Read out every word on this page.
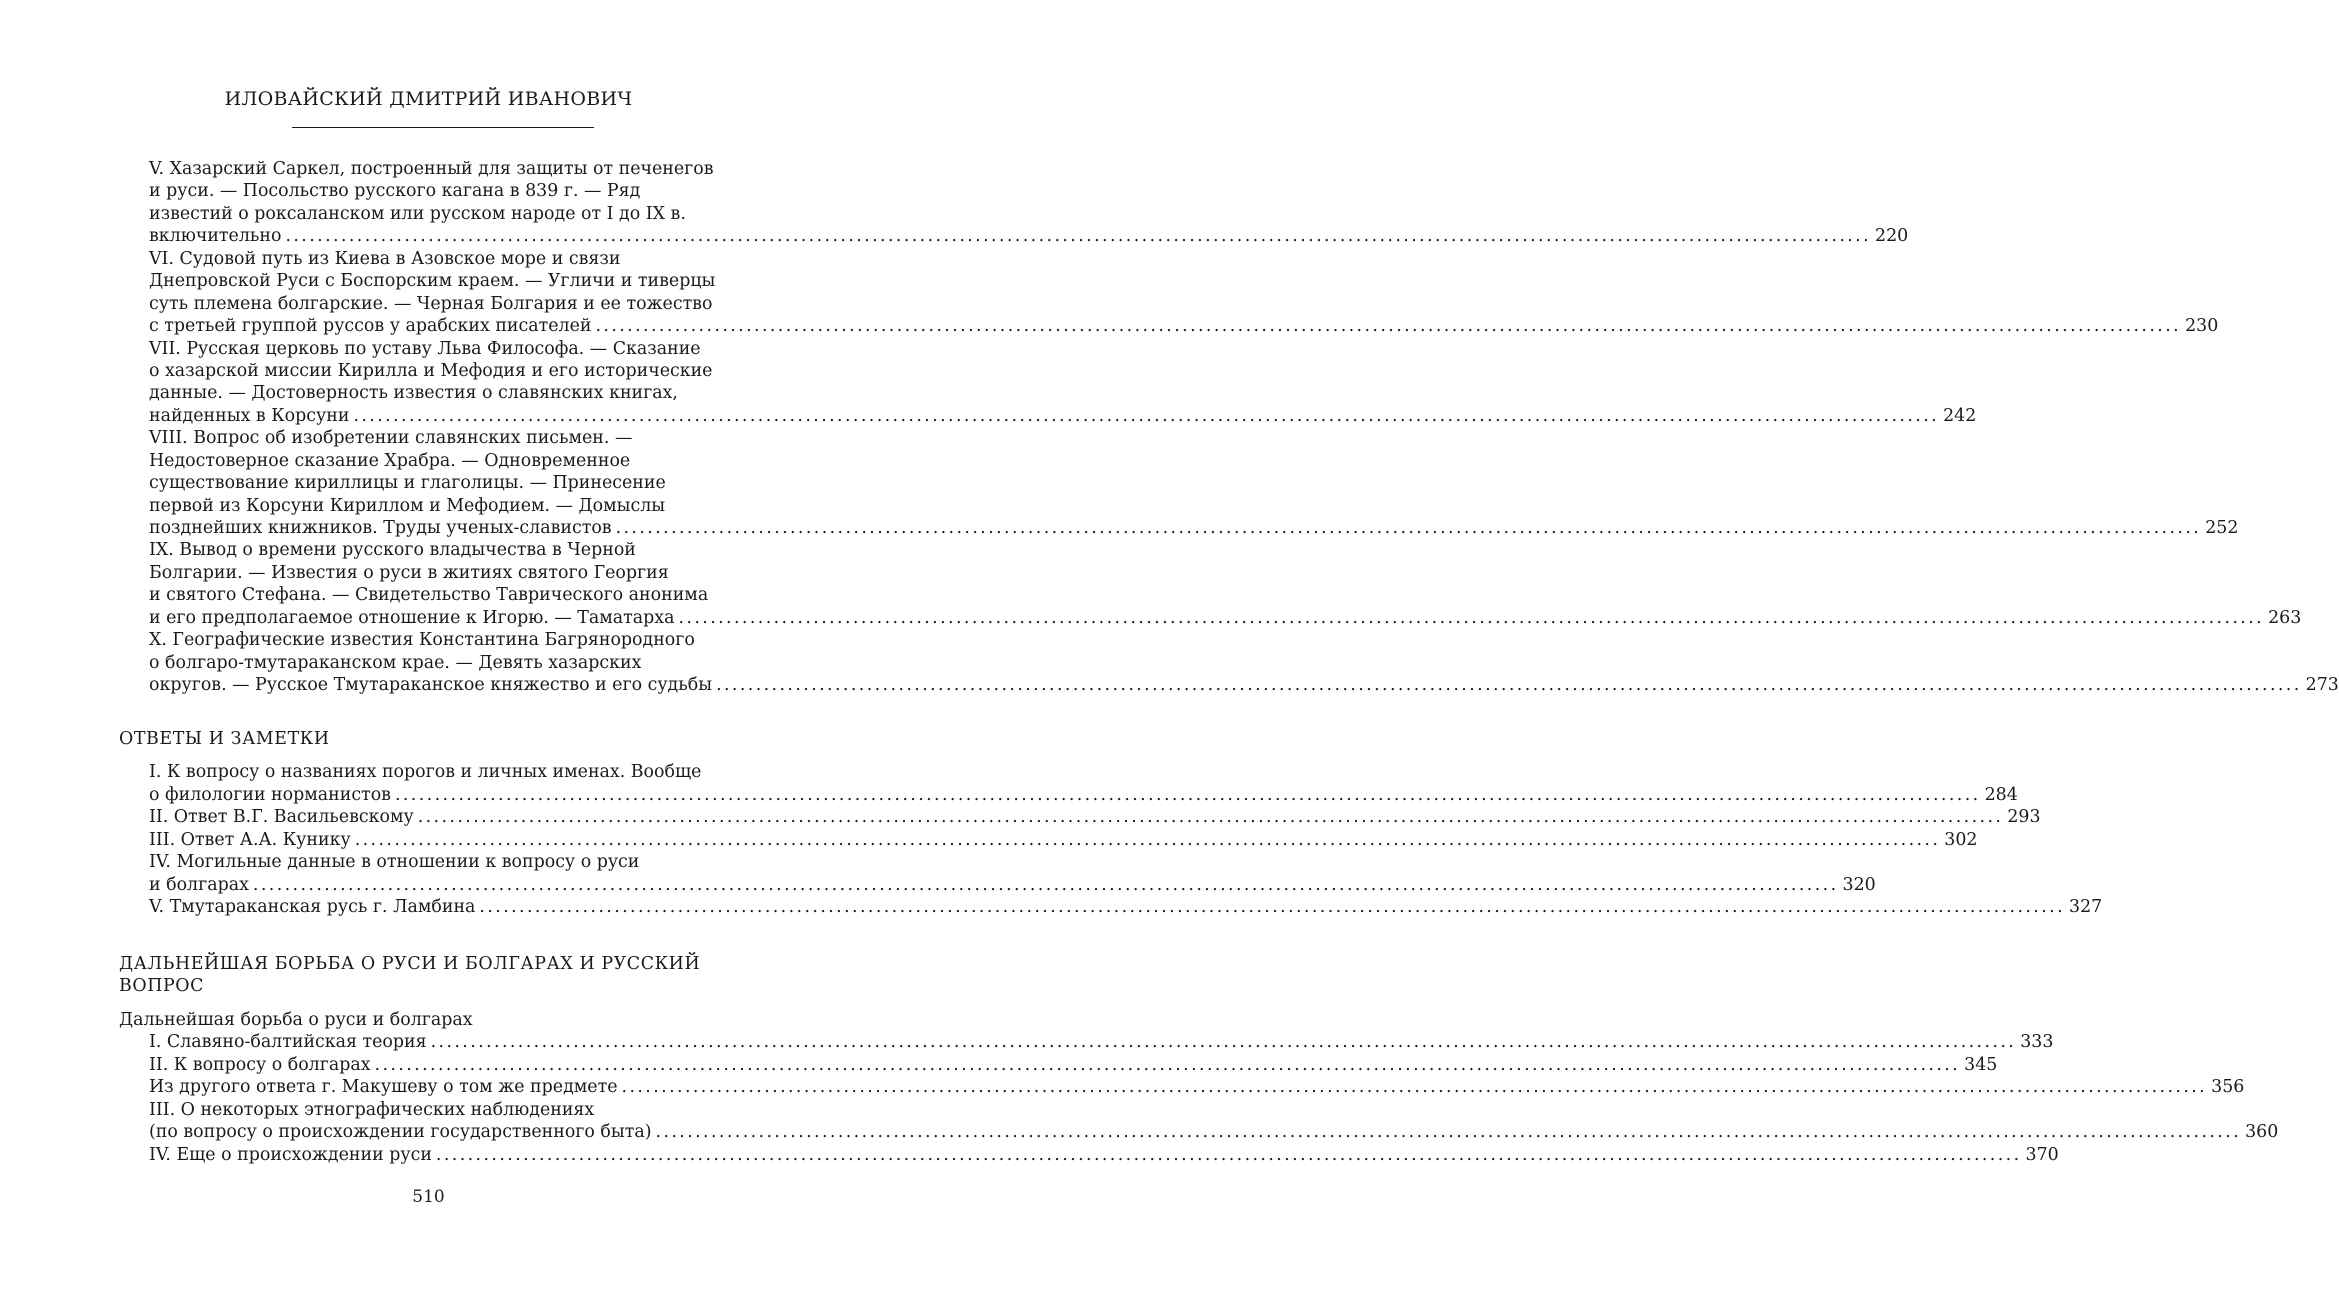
ИЛОВАЙСКИЙ ДМИТРИЙ ИВАНОВИЧ
V. Хазарский Саркел, построенный для защиты от печенегов
и руси. — Посольство русского кагана в 839 г. — Ряд
известий о роксаланском или русском народе от I до IX в.
включительно ........................................................................................................................................................................................................ 220
VI. Судовой путь из Киева в Азовское море и связи
Днепровской Руси с Боспорским краем. — Угличи и тиверцы
суть племена болгарские. — Черная Болгария и ее тожество
с третьей группой руссов у арабских писателей ........................................................................................................................................................................................................ 230
VII. Русская церковь по уставу Льва Философа. — Сказание
о хазарской миссии Кирилла и Мефодия и его исторические
данные. — Достоверность известия о славянских книгах,
найденных в Корсуни ........................................................................................................................................................................................................ 242
VIII. Вопрос об изобретении славянских письмен. —
Недостоверное сказание Храбра. — Одновременное
существование кириллицы и глаголицы. — Принесение
первой из Корсуни Кириллом и Мефодием. — Домыслы
позднейших книжников. Труды ученых-славистов ........................................................................................................................................................................................................ 252
IX. Вывод о времени русского владычества в Черной
Болгарии. — Известия о руси в житиях святого Георгия
и святого Стефана. — Свидетельство Таврического анонима
и его предполагаемое отношение к Игорю. — Таматарха ........................................................................................................................................................................................................ 263
X. Географические известия Константина Багрянородного
о болгаро-тмутараканском крае. — Девять хазарских
округов. — Русское Тмутараканское княжество и его судьбы ........................................................................................................................................................................................................ 273
ОТВЕТЫ И ЗАМЕТКИ
I. К вопросу о названиях порогов и личных именах. Вообще
о филологии норманистов ........................................................................................................................................................................................................ 284
II. Ответ В.Г. Васильевскому ........................................................................................................................................................................................................ 293
III. Ответ А.А. Кунику ........................................................................................................................................................................................................ 302
IV. Могильные данные в отношении к вопросу о руси
и болгарах ........................................................................................................................................................................................................ 320
V. Тмутараканская русь г. Ламбина ........................................................................................................................................................................................................ 327
ДАЛЬНЕЙШАЯ БОРЬБА О РУСИ И БОЛГАРАХ И РУССКИЙ
ВОПРОС
Дальнейшая борьба о руси и болгарах
I. Славяно-балтийская теория ........................................................................................................................................................................................................ 333
II. К вопросу о болгарах ........................................................................................................................................................................................................ 345
Из другого ответа г. Макушеву о том же предмете ........................................................................................................................................................................................................ 356
III. О некоторых этнографических наблюдениях
(по вопросу о происхождении государственного быта) ........................................................................................................................................................................................................ 360
IV. Еще о происхождении руси ........................................................................................................................................................................................................ 370
510
